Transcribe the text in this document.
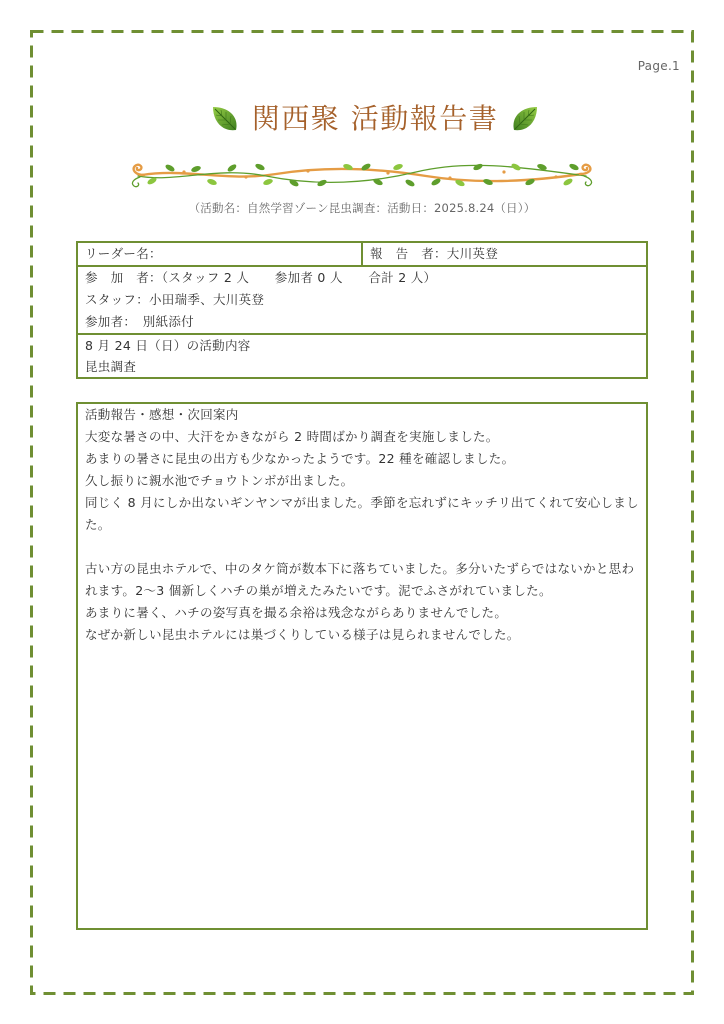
Page.1
関西聚 活動報告書
（活動名：自然学習ゾーン昆虫調査：活動日：2025.8.24（日））
リーダー名：	報　告　者：大川英登
参　加　者：（スタッフ 2 人　　参加者 0 人　　合計 2 人）
スタッフ：小田瑞季、大川英登
参加者：　別紙添付
8 月 24 日（日）の活動内容
昆虫調査

活動報告・感想・次回案内

大変な暑さの中、大汗をかきながら 2 時間ばかり調査を実施しました。

あまりの暑さに昆虫の出方も少なかったようです。22 種を確認しました。

久し振りに親水池でチョウトンボが出ました。

同じく 8 月にしか出ないギンヤンマが出ました。季節を忘れずにキッチリ出てくれて安心しました。

古い方の昆虫ホテルで、中のタケ筒が数本下に落ちていました。多分いたずらではないかと思われます。2〜3 個新しくハチの巣が増えたみたいです。泥でふさがれていました。

あまりに暑く、ハチの姿写真を撮る余裕は残念ながらありませんでした。

なぜか新しい昆虫ホテルには巣づくりしている様子は見られませんでした。
